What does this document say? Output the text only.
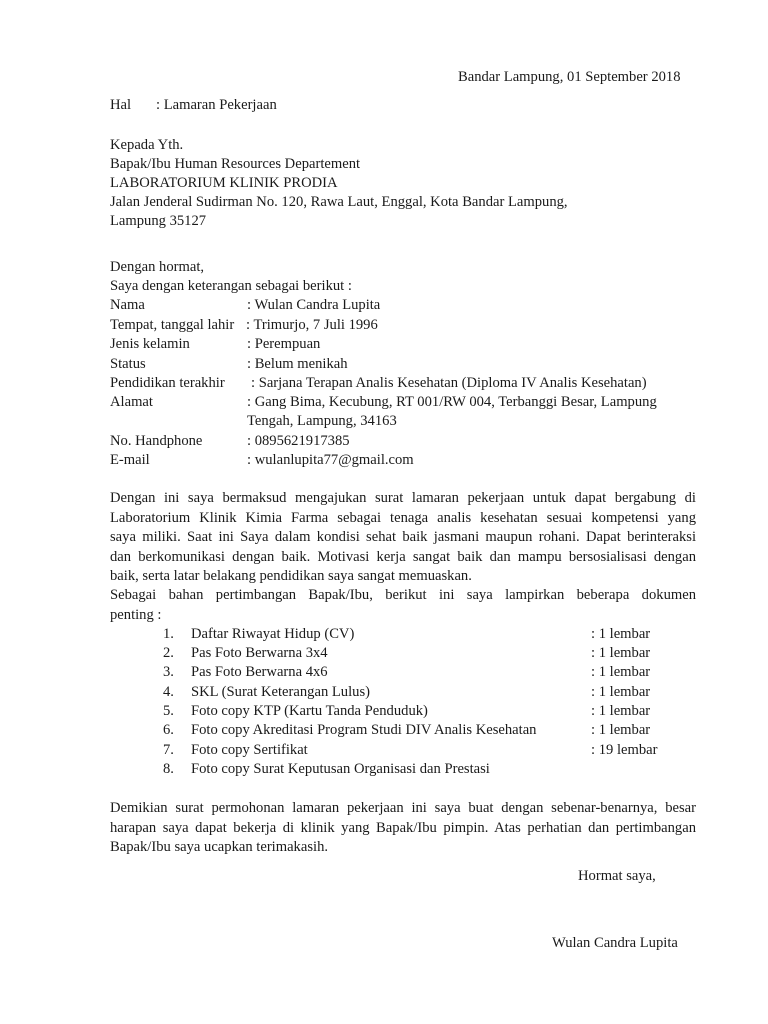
Bandar Lampung, 01 September 2018
Hal : Lamaran Pekerjaan
Kepada Yth.
Bapak/Ibu Human Resources Departement
LABORATORIUM KLINIK PRODIA
Jalan Jenderal Sudirman No. 120, Rawa Laut, Enggal, Kota Bandar Lampung,
Lampung 35127
Dengan hormat,
Saya dengan keterangan sebagai berikut :
Nama	: Wulan Candra Lupita
Tempat, tanggal lahir : Trimurjo, 7 Juli 1996
Jenis kelamin	: Perempuan
Status	: Belum menikah
Pendidikan terakhir : Sarjana Terapan Analis Kesehatan (Diploma IV Analis Kesehatan)
Alamat	: Gang Bima, Kecubung, RT 001/RW 004, Terbanggi Besar, Lampung
Tengah, Lampung, 34163
No. Handphone	: 0895621917385
E-mail	: wulanlupita77@gmail.com
Dengan ini saya bermaksud mengajukan surat lamaran pekerjaan untuk dapat bergabung di
Laboratorium Klinik Kimia Farma sebagai tenaga analis kesehatan sesuai kompetensi yang
saya miliki. Saat ini Saya dalam kondisi sehat baik jasmani maupun rohani. Dapat berinteraksi
dan berkomunikasi dengan baik. Motivasi kerja sangat baik dan mampu bersosialisasi dengan
baik, serta latar belakang pendidikan saya sangat memuaskan.
Sebagai bahan pertimbangan Bapak/Ibu, berikut ini saya lampirkan beberapa dokumen
penting :
1. Daftar Riwayat Hidup (CV)	: 1 lembar
2. Pas Foto Berwarna 3x4	: 1 lembar
3. Pas Foto Berwarna 4x6	: 1 lembar
4. SKL (Surat Keterangan Lulus)	: 1 lembar
5. Foto copy KTP (Kartu Tanda Penduduk)	: 1 lembar
6. Foto copy Akreditasi Program Studi DIV Analis Kesehatan	: 1 lembar
7. Foto copy Sertifikat	: 19 lembar
8. Foto copy Surat Keputusan Organisasi dan Prestasi
Demikian surat permohonan lamaran pekerjaan ini saya buat dengan sebenar-benarnya, besar
harapan saya dapat bekerja di klinik yang Bapak/Ibu pimpin. Atas perhatian dan pertimbangan
Bapak/Ibu saya ucapkan terimakasih.
Hormat saya,
Wulan Candra Lupita
